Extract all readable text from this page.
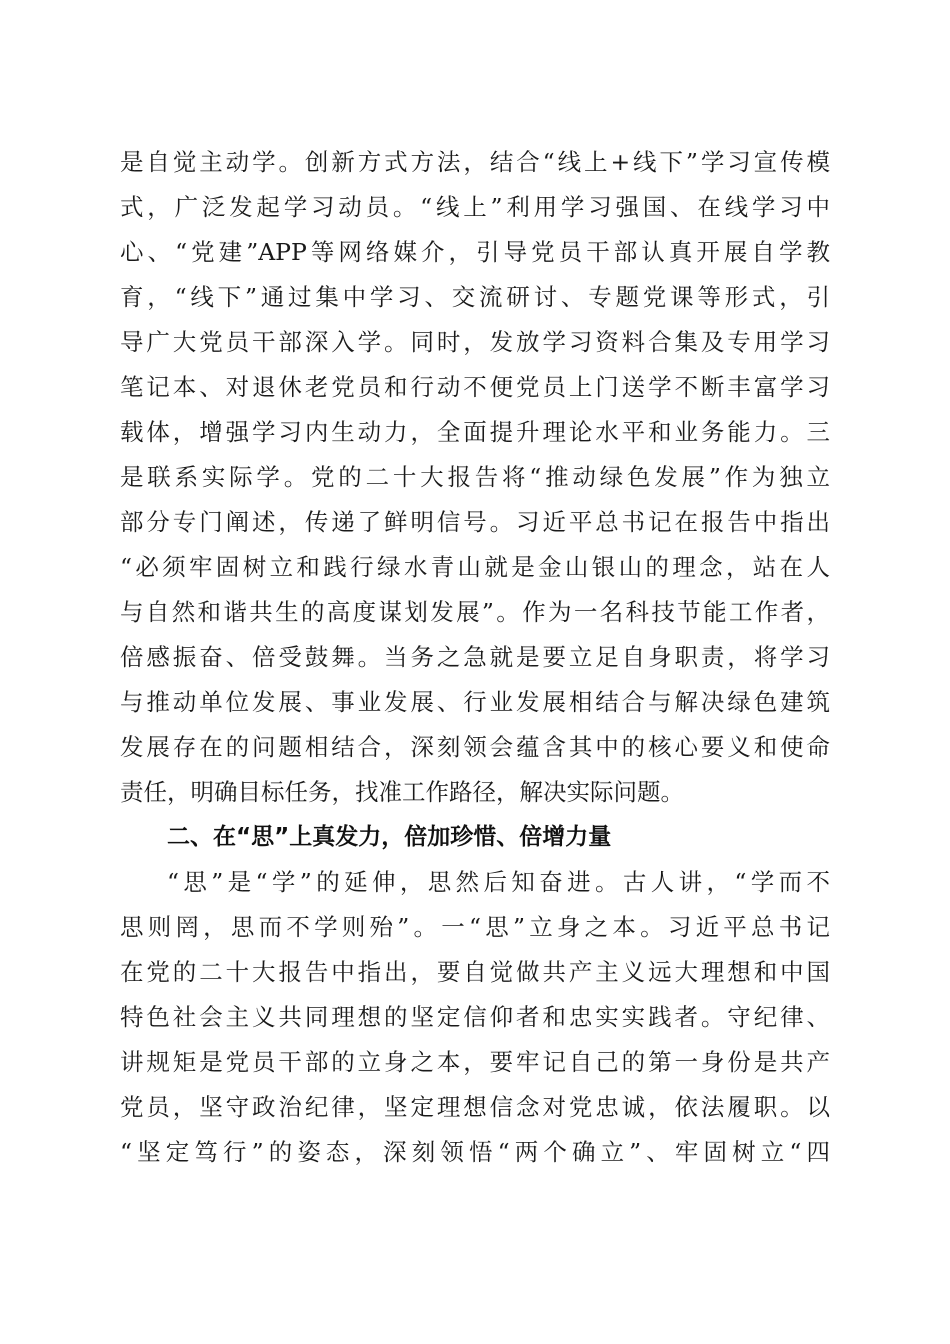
是自觉主动学。创新方式方法，结合“线上+线下”学习宣传模
式，广泛发起学习动员。“线上”利用学习强国、在线学习中
心、“党建”APP等网络媒介，引导党员干部认真开展自学教
育，“线下”通过集中学习、交流研讨、专题党课等形式，引
导广大党员干部深入学。同时，发放学习资料合集及专用学习
笔记本、对退休老党员和行动不便党员上门送学不断丰富学习
载体，增强学习内生动力，全面提升理论水平和业务能力。三
是联系实际学。党的二十大报告将“推动绿色发展”作为独立
部分专门阐述，传递了鲜明信号。习近平总书记在报告中指出
“必须牢固树立和践行绿水青山就是金山银山的理念，站在人
与自然和谐共生的高度谋划发展”。作为一名科技节能工作者，
倍感振奋、倍受鼓舞。当务之急就是要立足自身职责，将学习
与推动单位发展、事业发展、行业发展相结合与解决绿色建筑
发展存在的问题相结合，深刻领会蕴含其中的核心要义和使命
责任，明确目标任务，找准工作路径，解决实际问题。
二、在“思”上真发力，倍加珍惜、倍增力量
“思”是“学”的延伸，思然后知奋进。古人讲，“学而不
思则罔，思而不学则殆”。一“思”立身之本。习近平总书记
在党的二十大报告中指出，要自觉做共产主义远大理想和中国
特色社会主义共同理想的坚定信仰者和忠实实践者。守纪律、
讲规矩是党员干部的立身之本，要牢记自己的第一身份是共产
党员，坚守政治纪律，坚定理想信念对党忠诚，依法履职。以
“坚定笃行”的姿态，深刻领悟“两个确立”、牢固树立“四
